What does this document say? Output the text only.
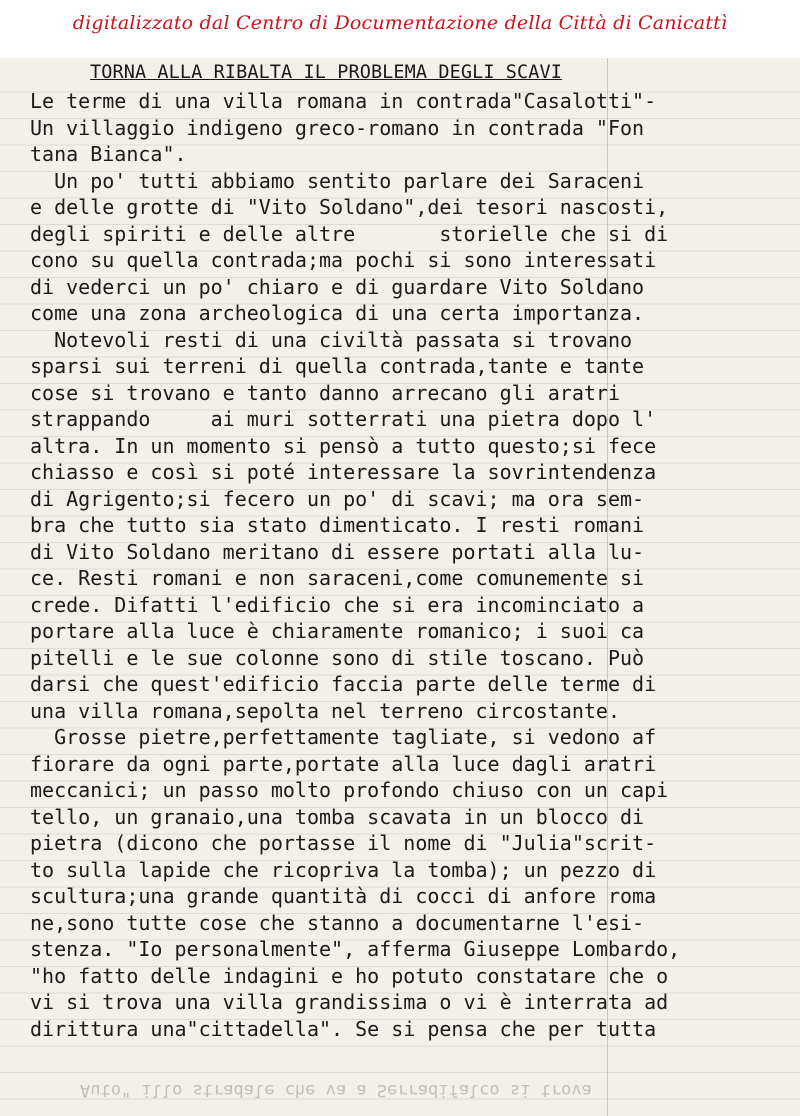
digitalizzato dal Centro di Documentazione della Città di Canicattì
TORNA ALLA RIBALTA IL PROBLEMA DEGLI SCAVI
Le terme di una villa romana in contrada"Casalotti"-
Un villaggio indigeno greco-romano in contrada "Fon
tana Bianca".
Un po' tutti abbiamo sentito parlare dei Saraceni
e delle grotte di "Vito Soldano",dei tesori nascosti,
degli spiriti e delle altre       storielle che si di
cono su quella contrada;ma pochi si sono interessati
di vederci un po' chiaro e di guardare Vito Soldano
come una zona archeologica di una certa importanza.
Notevoli resti di una civiltà passata si trovano
sparsi sui terreni di quella contrada,tante e tante
cose si trovano e tanto danno arrecano gli aratri
strappando     ai muri sotterrati una pietra dopo l'
altra. In un momento si pensò a tutto questo;si fece
chiasso e così si poté interessare la sovrintendenza
di Agrigento;si fecero un po' di scavi; ma ora sem-
bra che tutto sia stato dimenticato. I resti romani
di Vito Soldano meritano di essere portati alla lu-
ce. Resti romani e non saraceni,come comunemente si
crede. Difatti l'edificio che si era incominciato a
portare alla luce è chiaramente romanico; i suoi ca
pitelli e le sue colonne sono di stile toscano. Può
darsi che quest'edificio faccia parte delle terme di
una villa romana,sepolta nel terreno circostante.
Grosse pietre,perfettamente tagliate, si vedono af
fiorare da ogni parte,portate alla luce dagli aratri
meccanici; un passo molto profondo chiuso con un capi
tello, un granaio,una tomba scavata in un blocco di
pietra (dicono che portasse il nome di "Julia"scrit-
to sulla lapide che ricopriva la tomba); un pezzo di
scultura;una grande quantità di cocci di anfore roma
ne,sono tutte cose che stanno a documentarne l'esi-
stenza. "Io personalmente", afferma Giuseppe Lombardo,
"ho fatto delle indagini e ho potuto constatare che o
vi si trova una villa grandissima o vi è interrata ad
dirittura una"cittadella". Se si pensa che per tutta
Auto" illo stradale che va a Serradifalco si trova
